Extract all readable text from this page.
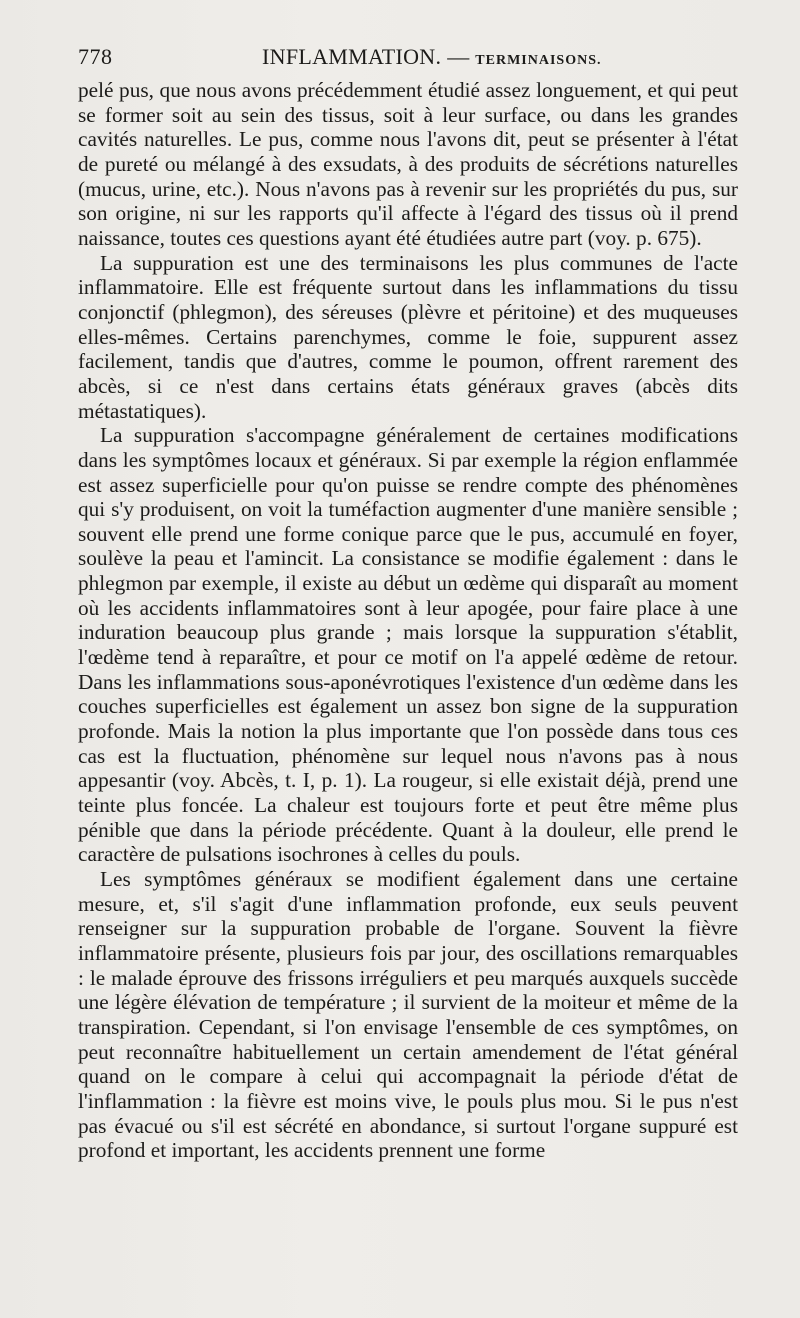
778	INFLAMMATION. — TERMINAISONS.

pelé pus, que nous avons précédemment étudié assez longuement, et qui peut se former soit au sein des tissus, soit à leur surface, ou dans les grandes cavités naturelles. Le pus, comme nous l'avons dit, peut se présenter à l'état de pureté ou mélangé à des exsudats, à des produits de sécrétions naturelles (mucus, urine, etc.). Nous n'avons pas à revenir sur les propriétés du pus, sur son origine, ni sur les rapports qu'il affecte à l'égard des tissus où il prend naissance, toutes ces questions ayant été étudiées autre part (voy. p. 675).

La suppuration est une des terminaisons les plus communes de l'acte inflammatoire. Elle est fréquente surtout dans les inflammations du tissu conjonctif (phlegmon), des séreuses (plèvre et péritoine) et des muqueuses elles-mêmes. Certains parenchymes, comme le foie, suppurent assez facilement, tandis que d'autres, comme le poumon, offrent rarement des abcès, si ce n'est dans certains états généraux graves (abcès dits métastatiques).

La suppuration s'accompagne généralement de certaines modifications dans les symptômes locaux et généraux. Si par exemple la région enflammée est assez superficielle pour qu'on puisse se rendre compte des phénomènes qui s'y produisent, on voit la tuméfaction augmenter d'une manière sensible ; souvent elle prend une forme conique parce que le pus, accumulé en foyer, soulève la peau et l'amincit. La consistance se modifie également : dans le phlegmon par exemple, il existe au début un œdème qui disparaît au moment où les accidents inflammatoires sont à leur apogée, pour faire place à une induration beaucoup plus grande ; mais lorsque la suppuration s'établit, l'œdème tend à reparaître, et pour ce motif on l'a appelé œdème de retour. Dans les inflammations sous-aponévrotiques l'existence d'un œdème dans les couches superficielles est également un assez bon signe de la suppuration profonde. Mais la notion la plus importante que l'on possède dans tous ces cas est la fluctuation, phénomène sur lequel nous n'avons pas à nous appesantir (voy. Abcès, t. I, p. 1). La rougeur, si elle existait déjà, prend une teinte plus foncée. La chaleur est toujours forte et peut être même plus pénible que dans la période précédente. Quant à la douleur, elle prend le caractère de pulsations isochrones à celles du pouls.

Les symptômes généraux se modifient également dans une certaine mesure, et, s'il s'agit d'une inflammation profonde, eux seuls peuvent renseigner sur la suppuration probable de l'organe. Souvent la fièvre inflammatoire présente, plusieurs fois par jour, des oscillations remarquables : le malade éprouve des frissons irréguliers et peu marqués auxquels succède une légère élévation de température ; il survient de la moiteur et même de la transpiration. Cependant, si l'on envisage l'ensemble de ces symptômes, on peut reconnaître habituellement un certain amendement de l'état général quand on le compare à celui qui accompagnait la période d'état de l'inflammation : la fièvre est moins vive, le pouls plus mou. Si le pus n'est pas évacué ou s'il est sécrété en abondance, si surtout l'organe suppuré est profond et important, les accidents prennent une forme
